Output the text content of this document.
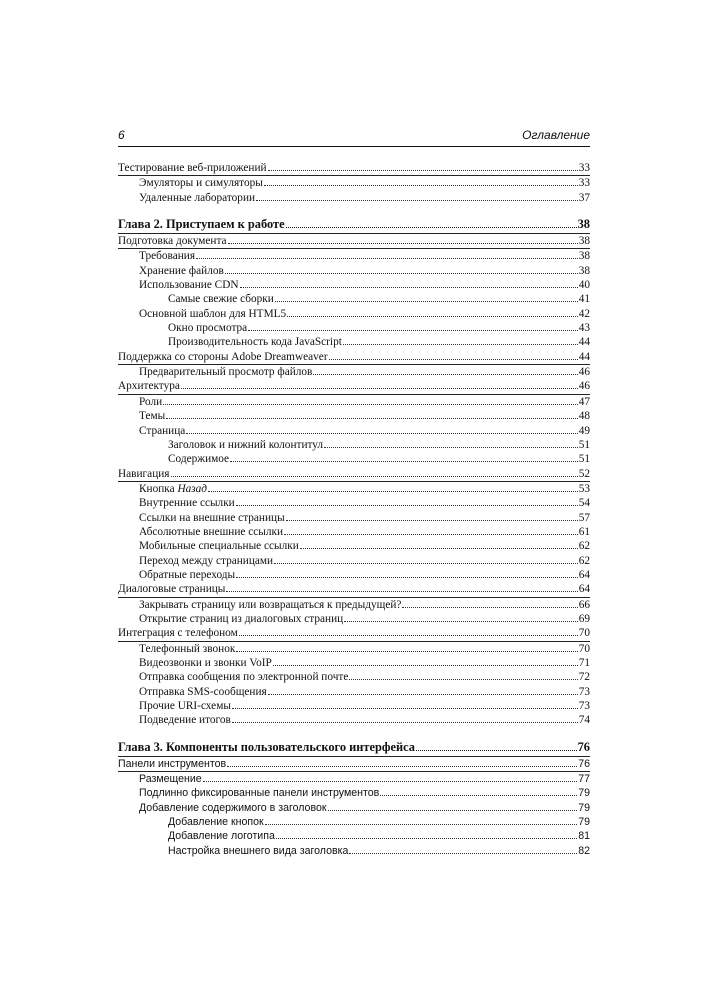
6	Оглавление
Тестирование веб-приложений	33
Эмуляторы и симуляторы	33
Удаленные лаборатории	37
Глава 2. Приступаем к работе	38
Подготовка документа	38
Требования	38
Хранение файлов	38
Использование CDN	40
Самые свежие сборки	41
Основной шаблон для HTML5	42
Окно просмотра	43
Производительность кода JavaScript	44
Поддержка со стороны Adobe Dreamweaver	44
Предварительный просмотр файлов	46
Архитектура	46
Роли	47
Темы	48
Страница	49
Заголовок и нижний колонтитул	51
Содержимое	51
Навигация	52
Кнопка Назад	53
Внутренние ссылки	54
Ссылки на внешние страницы	57
Абсолютные внешние ссылки	61
Мобильные специальные ссылки	62
Переход между страницами	62
Обратные переходы	64
Диалоговые страницы	64
Закрывать страницу или возвращаться к предыдущей?	66
Открытие страниц из диалоговых страниц	69
Интеграция с телефоном	70
Телефонный звонок	70
Видеозвонки и звонки VoIP	71
Отправка сообщения по электронной почте	72
Отправка SMS-сообщения	73
Прочие URI-схемы	73
Подведение итогов	74
Глава 3. Компоненты пользовательского интерфейса	76
Панели инструментов	76
Размещение	77
Подлинно фиксированные панели инструментов	79
Добавление содержимого в заголовок	79
Добавление кнопок	79
Добавление логотипа	81
Настройка внешнего вида заголовка	82
